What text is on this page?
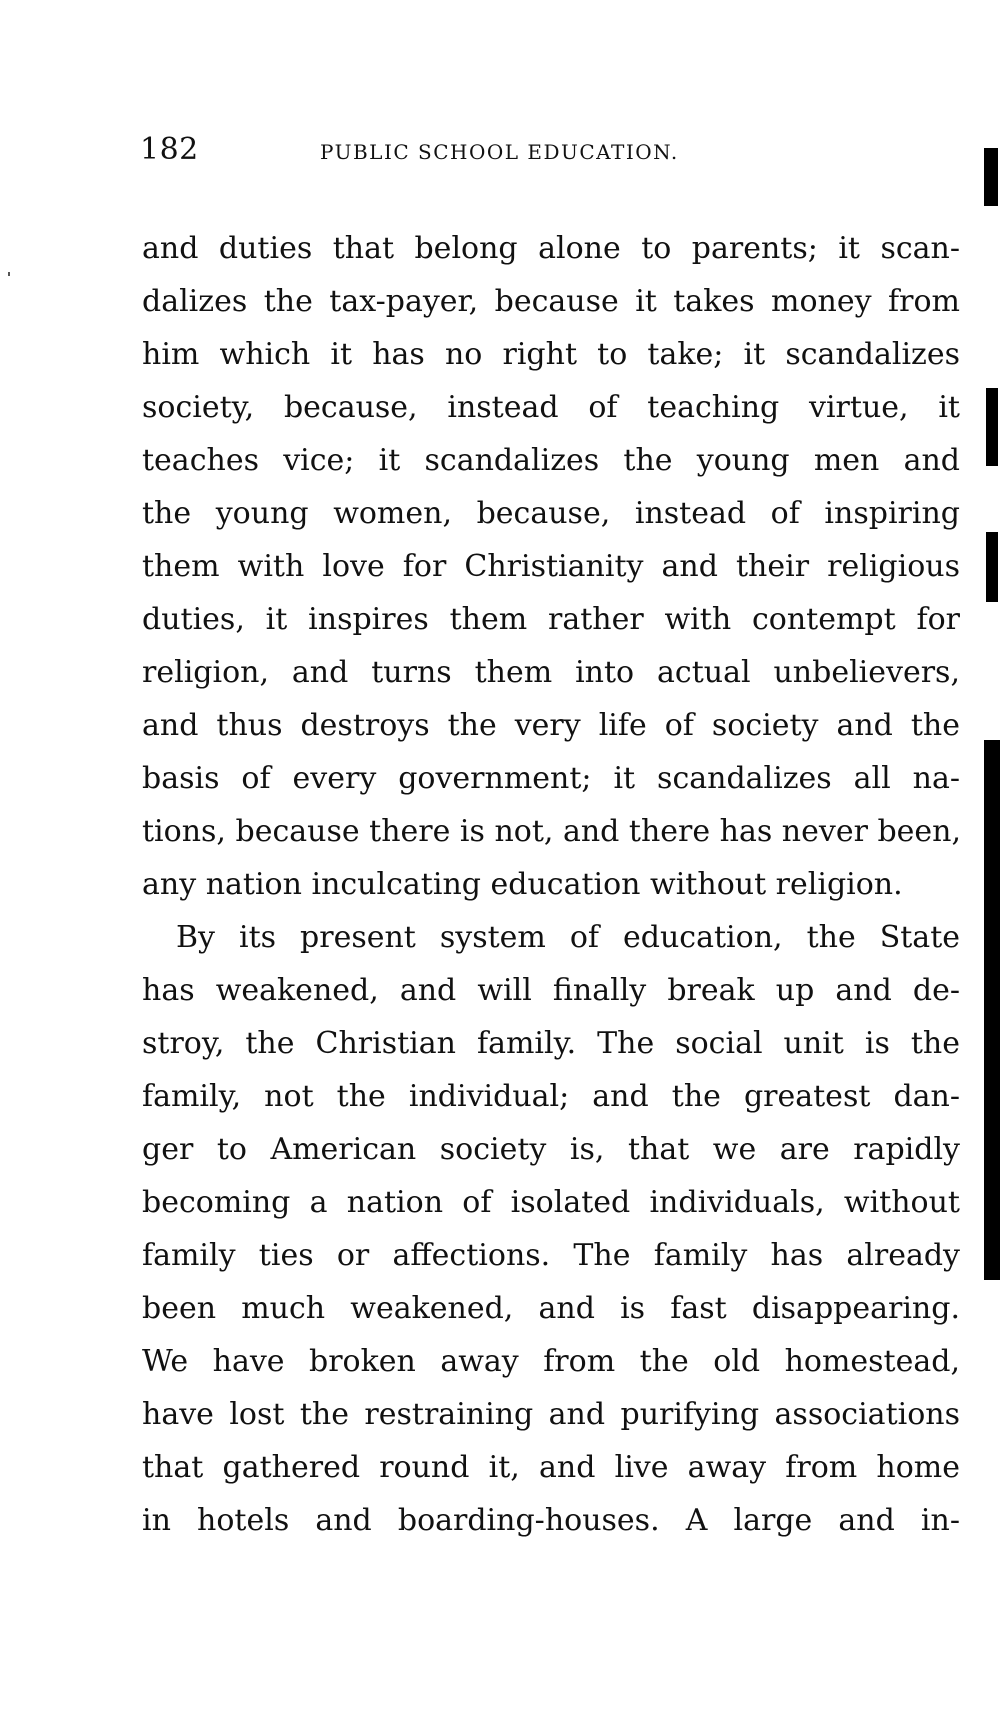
182	PUBLIC SCHOOL EDUCATION.
and duties that belong alone to parents; it scan-
dalizes the tax-payer, because it takes money from
him which it has no right to take; it scandalizes
society, because, instead of teaching virtue, it
teaches vice; it scandalizes the young men and
the young women, because, instead of inspiring
them with love for Christianity and their religious
duties, it inspires them rather with contempt for
religion, and turns them into actual unbelievers,
and thus destroys the very life of society and the
basis of every government; it scandalizes all na-
tions, because there is not, and there has never been,
any nation inculcating education without religion.
By its present system of education, the State
has weakened, and will finally break up and de-
stroy, the Christian family. The social unit is the
family, not the individual; and the greatest dan-
ger to American society is, that we are rapidly
becoming a nation of isolated individuals, without
family ties or affections. The family has already
been much weakened, and is fast disappearing.
We have broken away from the old homestead,
have lost the restraining and purifying associations
that gathered round it, and live away from home
in hotels and boarding-houses. A large and in-
